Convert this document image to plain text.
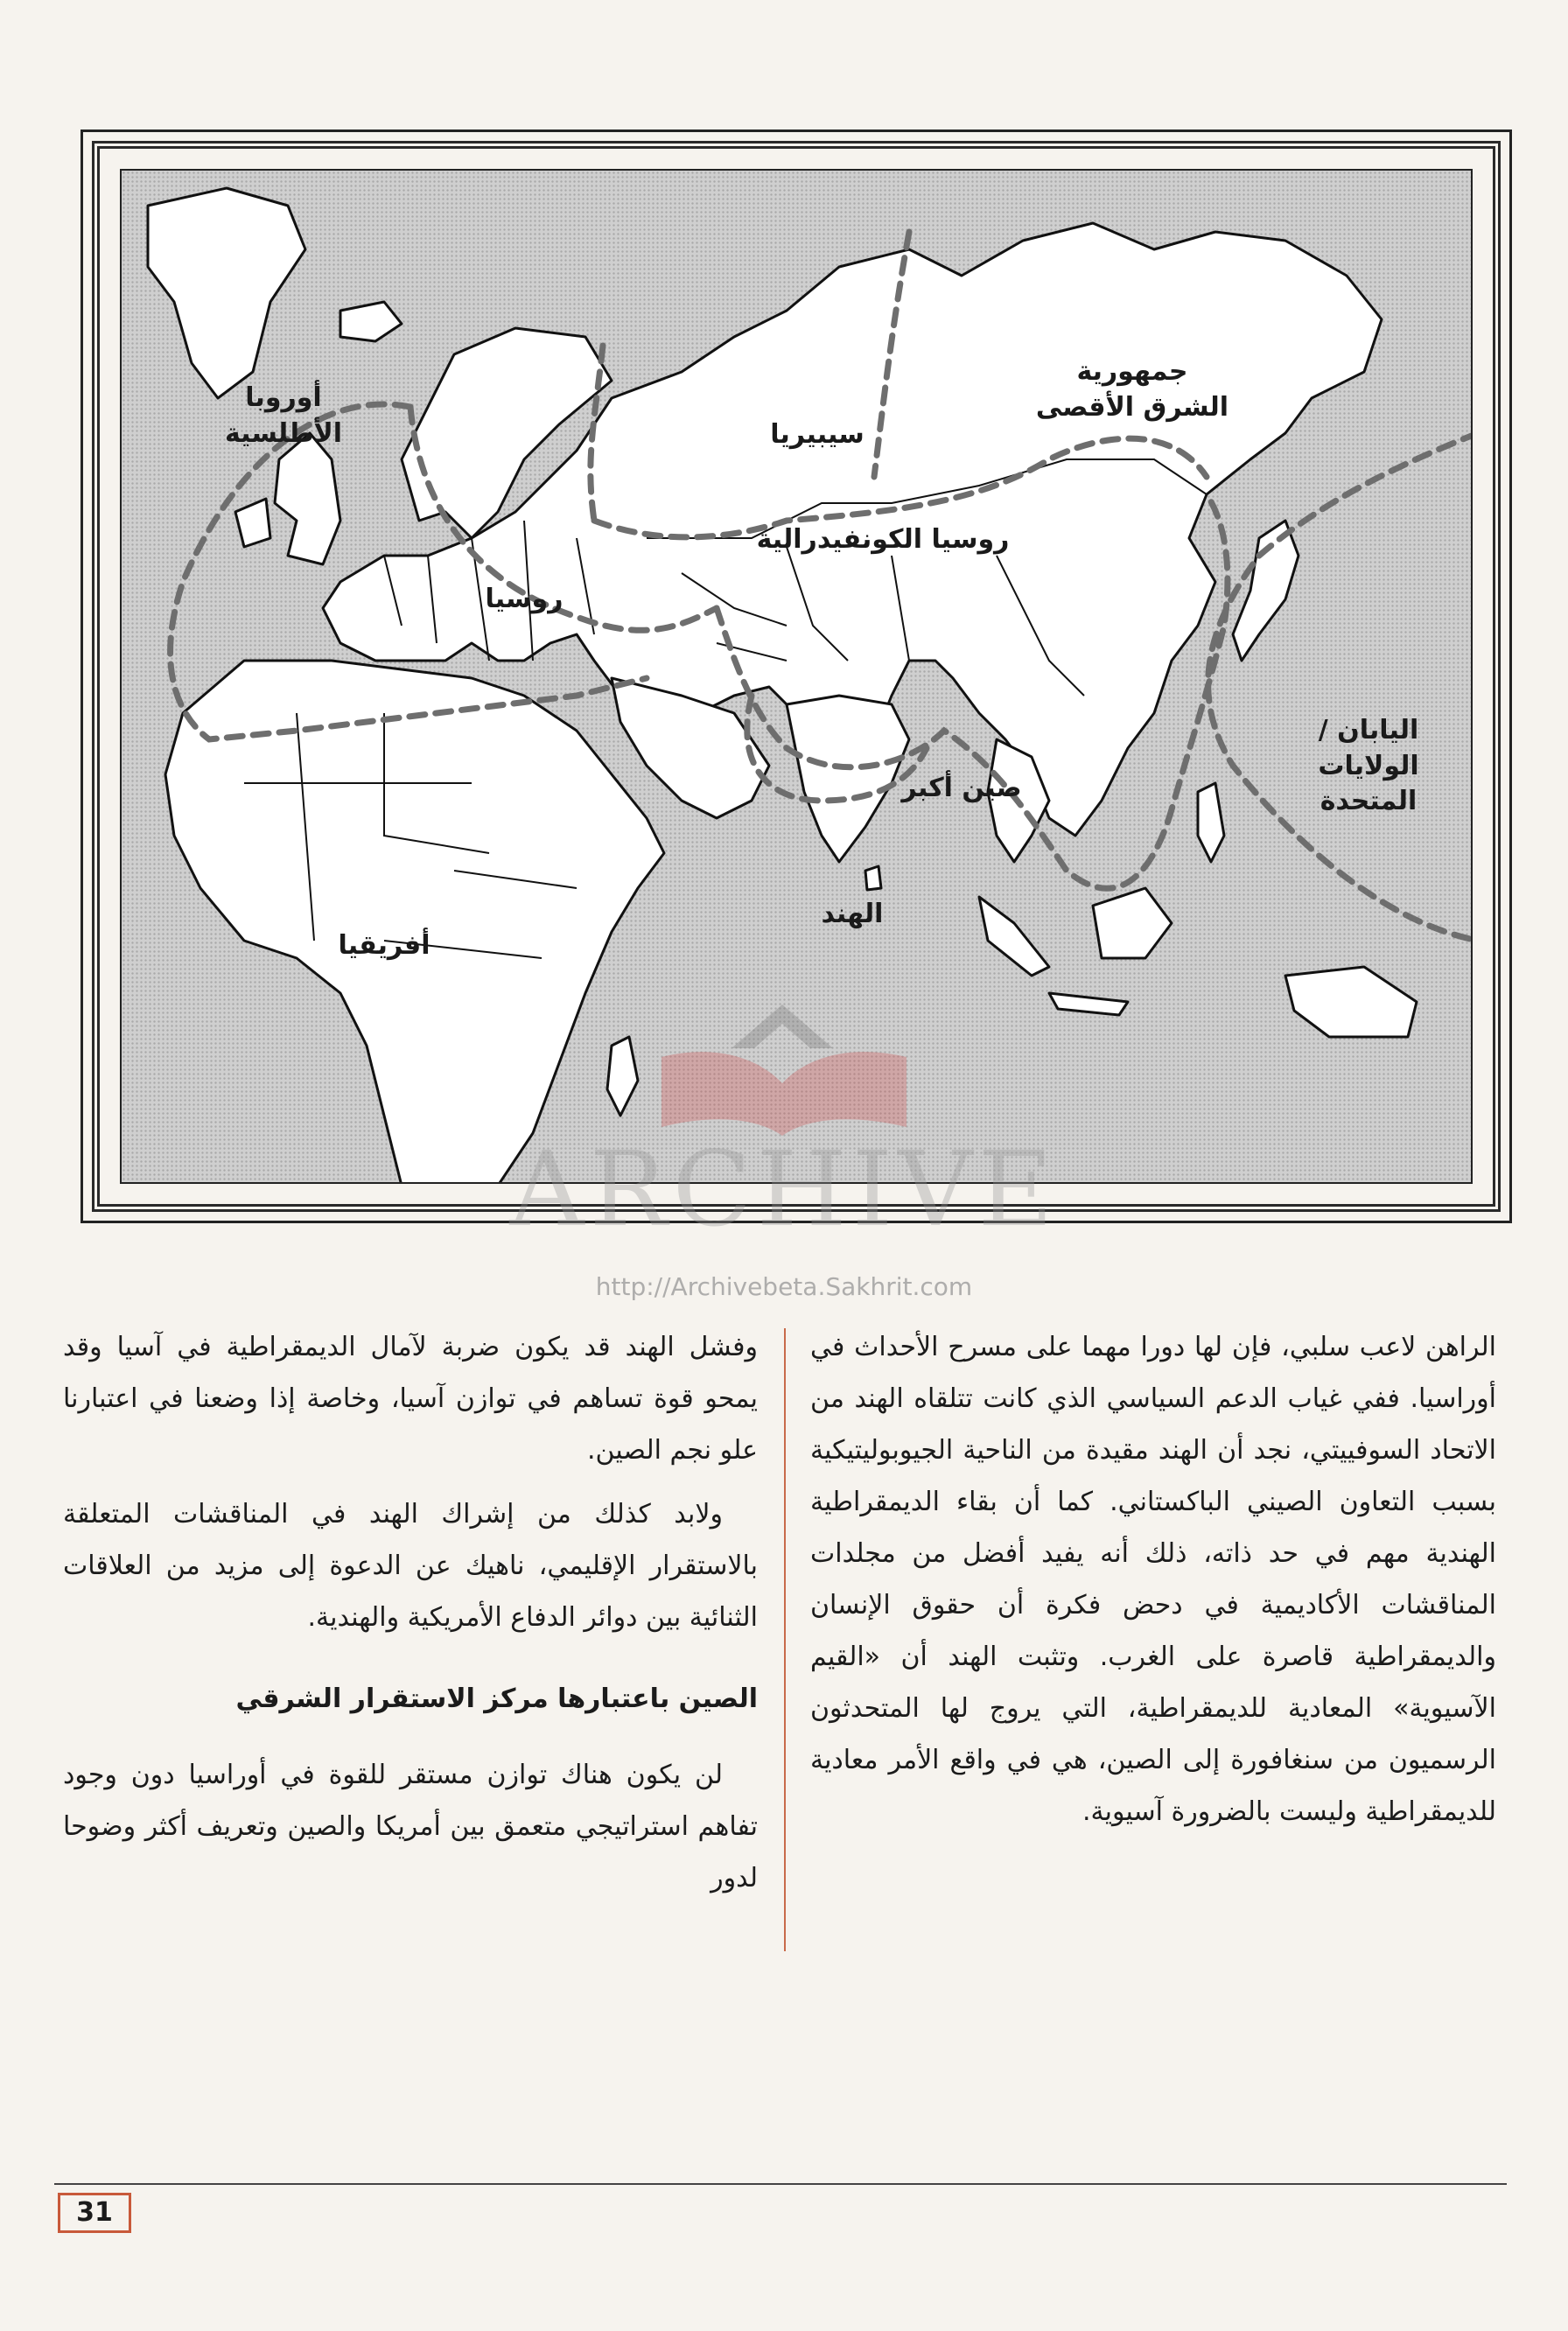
أوروبا الأطلسية
روسيا
سيبيريا
روسيا الكونفيدرالية
جمهورية الشرق الأقصى
اليابان / الولايات المتحدة
صين أكبر
الهند
أفريقيا
ARCHIVE
http://Archivebeta.Sakhrit.com

الراهن لاعب سلبي، فإن لها دورا مهما على مسرح الأحداث في أوراسيا. ففي غياب الدعم السياسي الذي كانت تتلقاه الهند من الاتحاد السوفييتي، نجد أن الهند مقيدة من الناحية الجيوبوليتيكية بسبب التعاون الصيني الباكستاني. كما أن بقاء الديمقراطية الهندية مهم في حد ذاته، ذلك أنه يفيد أفضل من مجلدات المناقشات الأكاديمية في دحض فكرة أن حقوق الإنسان والديمقراطية قاصرة على الغرب. وتثبت الهند أن «القيم الآسيوية» المعادية للديمقراطية، التي يروج لها المتحدثون الرسميون من سنغافورة إلى الصين، هي في واقع الأمر معادية للديمقراطية وليست بالضرورة آسيوية.

وفشل الهند قد يكون ضربة لآمال الديمقراطية في آسيا وقد يمحو قوة تساهم في توازن آسيا، وخاصة إذا وضعنا في اعتبارنا علو نجم الصين.

ولابد كذلك من إشراك الهند في المناقشات المتعلقة بالاستقرار الإقليمي، ناهيك عن الدعوة إلى مزيد من العلاقات الثنائية بين دوائر الدفاع الأمريكية والهندية.

الصين باعتبارها مركز الاستقرار الشرقي

لن يكون هناك توازن مستقر للقوة في أوراسيا دون وجود تفاهم استراتيجي متعمق بين أمريكا والصين وتعريف أكثر وضوحا لدور

31
